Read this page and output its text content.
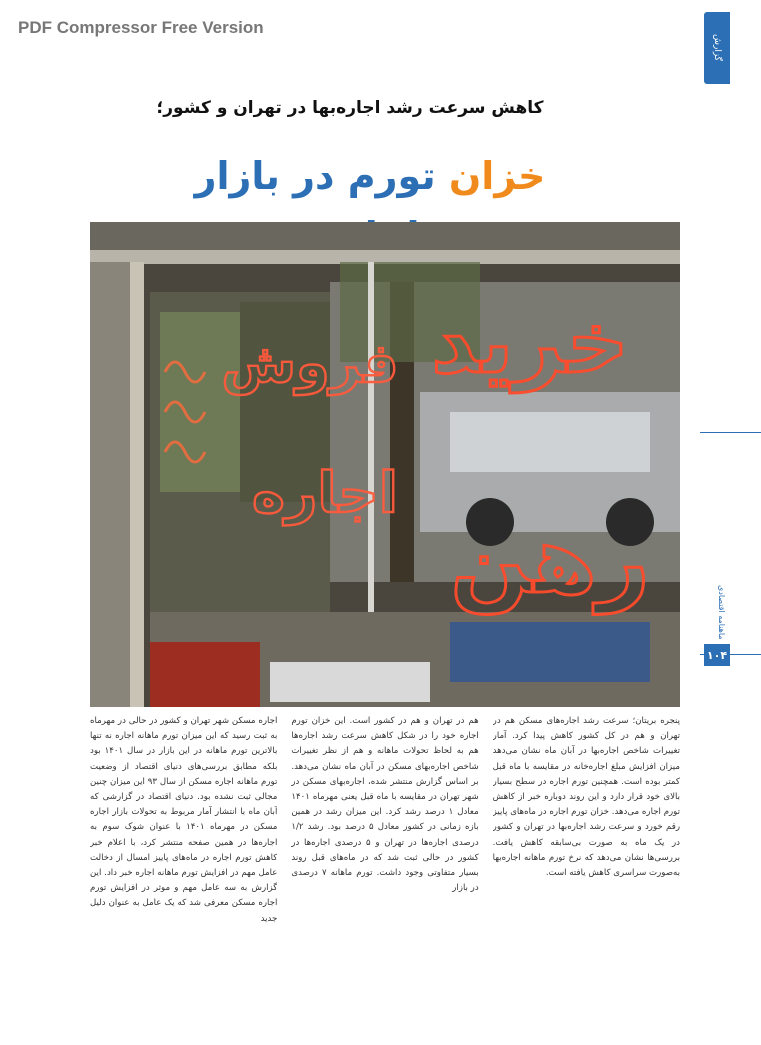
PDF Compressor Free Version
گزارش
ماهنامه اقتصادی
۱۰۴
کاهش سرعت رشد اجاره‌بها در تهران و کشور؛
خزان تورم در بازار
خرید
فروش
اجاره
رهن
پنجره بریتان؛ سرعت رشد اجاره‌های مسکن هم در تهران و هم در کل کشور کاهش پیدا کرد. آمار تغییرات شاخص اجاره‌بها در آبان ماه نشان می‌دهد میزان افزایش مبلغ اجاره‌خانه در مقایسه با ماه قبل کمتر بوده است. همچنین تورم اجاره در سطح بسیار بالای خود قرار دارد و این روند دوباره خبر از کاهش تورم اجاره می‌دهد. خزان تورم اجاره در ماه‌های پاییز رقم خورد و سرعت رشد اجاره‌بها در تهران و کشور در یک ماه به صورت بی‌سابقه کاهش یافت. بررسی‌ها نشان می‌دهد که نرخ تورم ماهانه اجاره‌بها به‌صورت سراسری کاهش یافته است.
هم در تهران و هم در کشور است. این خزان تورم اجاره خود را در شکل کاهش سرعت رشد اجاره‌ها هم به لحاظ تحولات ماهانه و هم از نظر تغییرات شاخص اجاره‌بهای مسکن در آبان ماه نشان می‌دهد. بر اساس گزارش منتشر شده، اجاره‌بهای مسکن در شهر تهران در مقایسه با ماه قبل یعنی مهرماه ۱۴۰۱ معادل ۱ درصد رشد کرد. این میزان رشد در همین بازه زمانی در کشور معادل ۵ درصد بود. رشد ۱/۲ درصدی اجاره‌ها در تهران و ۵ درصدی اجاره‌ها در کشور در حالی ثبت شد که در ماه‌های قبل روند بسیار متفاوتی وجود داشت. تورم ماهانه ۷ درصدی در بازار
اجاره مسکن شهر تهران و کشور در حالی در مهرماه به ثبت رسید که این میزان تورم ماهانه اجاره نه تنها بالاترین تورم ماهانه در این بازار در سال ۱۴۰۱ بود بلکه مطابق بررسی‌های دنیای اقتصاد از وضعیت تورم ماهانه اجاره مسکن از سال ۹۳ این میزان چنین مجالی ثبت نشده بود. دنیای اقتصاد در گزارشی که آبان ماه با انتشار آمار مربوط به تحولات بازار اجاره مسکن در مهرماه ۱۴۰۱ با عنوان شوک سوم به اجاره‌ها در همین صفحه منتشر کرد، با اعلام خبر کاهش تورم اجاره در ماه‌های پاییز امسال از دخالت عامل مهم در افزایش تورم ماهانه اجاره خبر داد. این گزارش به سه عامل مهم و موثر در افزایش تورم اجاره مسکن معرفی شد که یک عامل به عنوان دلیل جدید
